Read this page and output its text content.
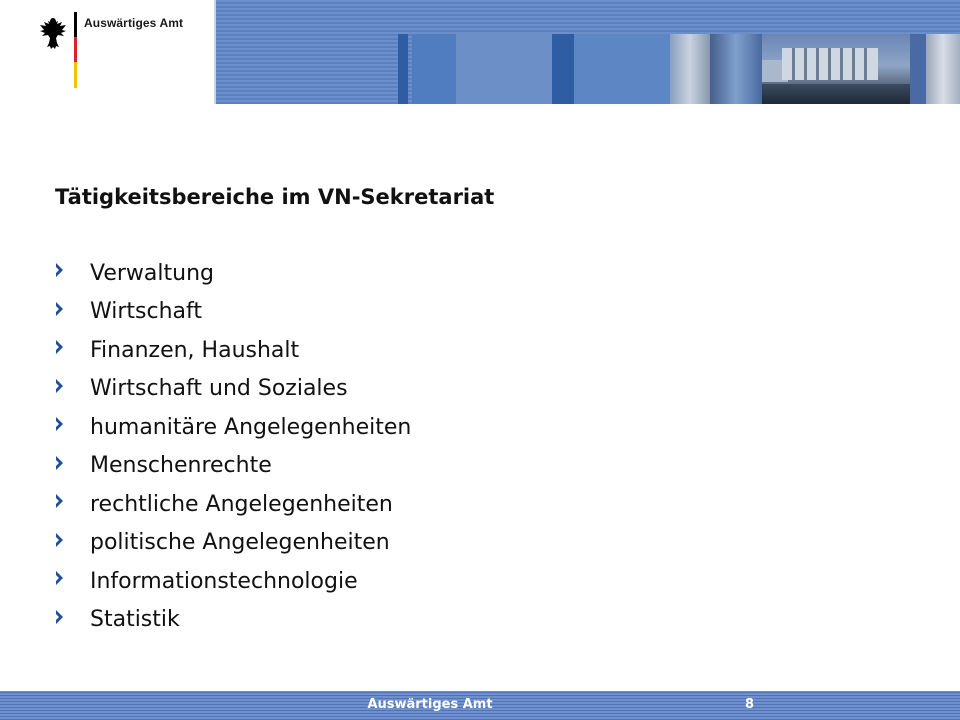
Auswärtiges Amt
Tätigkeitsbereiche im VN-Sekretariat
Verwaltung
Wirtschaft
Finanzen, Haushalt
Wirtschaft und Soziales
humanitäre Angelegenheiten
Menschenrechte
rechtliche Angelegenheiten
politische Angelegenheiten
Informationstechnologie
Statistik
Auswärtiges Amt	8
